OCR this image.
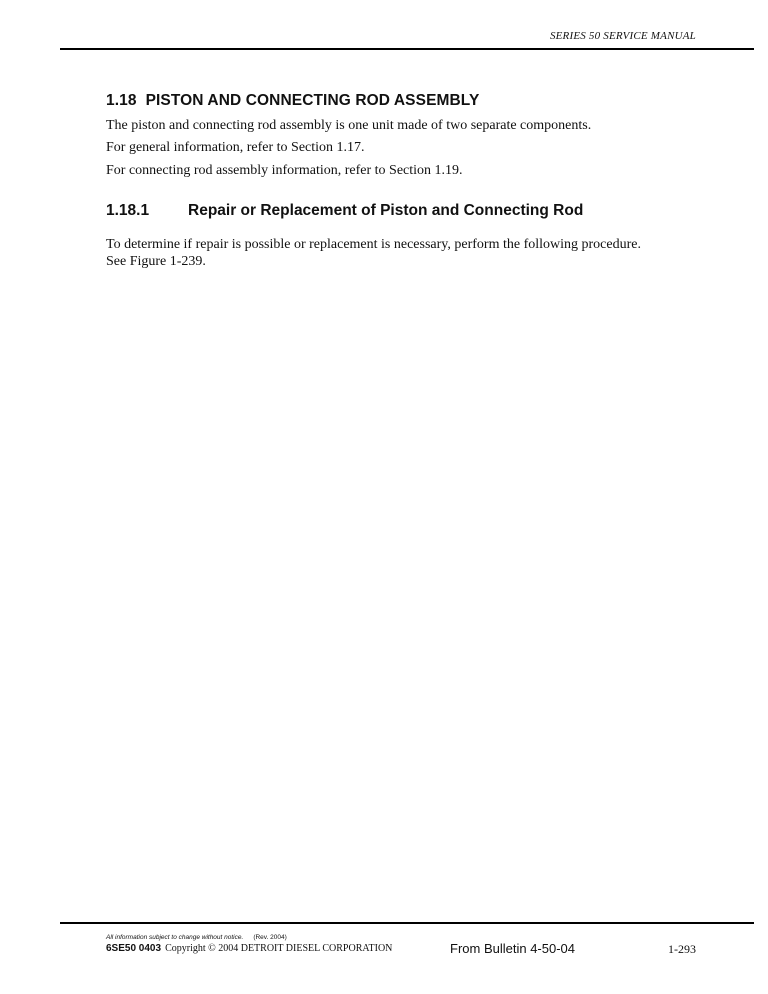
SERIES 50 SERVICE MANUAL
1.18 PISTON AND CONNECTING ROD ASSEMBLY
The piston and connecting rod assembly is one unit made of two separate components.
For general information, refer to Section 1.17.
For connecting rod assembly information, refer to Section 1.19.
1.18.1	Repair or Replacement of Piston and Connecting Rod
To determine if repair is possible or replacement is necessary, perform the following procedure.
See Figure 1-239.
All information subject to change without notice. (Rev. 2004)
6SE50 0403 Copyright © 2004 DETROIT DIESEL CORPORATION	From Bulletin 4-50-04	1-293
